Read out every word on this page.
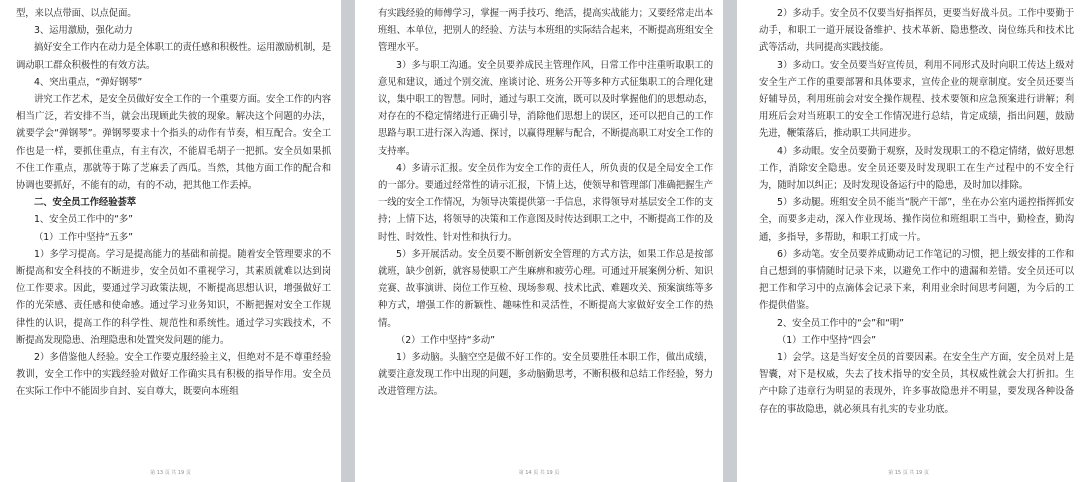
型，来以点带面、以点促面。

3、运用激励，强化动力

搞好安全工作内在动力是全体职工的责任感和积极性。运用激励机制，是调动职工群众积极性的有效方法。

4、突出重点，“弹好钢琴”

讲究工作艺术，是安全员做好安全工作的一个重要方面。安全工作的内容相当广泛，若安排不当，就会出现顾此失彼的现象。解决这个问题的办法，就要学会“弹钢琴”。弹钢琴要求十个指头的动作有节奏，相互配合。安全工作也是一样，要抓住重点，有主有次，不能眉毛胡子一把抓。安全员如果抓不住工作重点，那就等于陈了芝麻丢了西瓜。当然，其他方面工作的配合和协调也要抓好，不能有的动，有的不动，把其他工作丢掉。

二、安全员工作经验荟萃

1、安全员工作中的“多”

（1）工作中坚持“五多”

1）多学习提高。学习是提高能力的基础和前提。随着安全管理要求的不断提高和安全科技的不断进步，安全员如不重视学习，其素质就难以达到岗位工作要求。因此，要通过学习政策法规，不断提高思想认识，增强做好工作的光荣感、责任感和使命感。通过学习业务知识，不断把握对安全工作规律性的认识，提高工作的科学性、规范性和系统性。通过学习实践技术，不断提高发现隐患、治理隐患和处置突发问题的能力。

2）多借鉴他人经验。安全工作要克服经验主义，但绝对不是不尊重经验教训，安全工作中的实践经验对做好工作确实具有积极的指导作用。安全员在实际工作中不能固步自封、妄自尊大，既要向本班组

第 13 页 共 19 页

有实践经验的师傅学习，掌握一两手技巧、绝活，提高实战能力；又要经常走出本班组、本单位，把别人的经验、方法与本班组的实际结合起来，不断提高班组安全管理水平。

3）多与职工沟通。安全员要养成民主管理作风，日常工作中注重听取职工的意见和建议，通过个别交流、座谈讨论、班务公开等多种方式征集职工的合理化建议，集中职工的智慧。同时，通过与职工交流，既可以及时掌握他们的思想动态，对存在的不稳定情绪进行正确引导，消除他们思想上的误区，还可以把自己的工作思路与职工进行深入沟通、探讨，以赢得理解与配合，不断提高职工对安全工作的支持率。

4）多请示汇报。安全员作为安全工作的责任人，所负责的仅是全局安全工作的一部分。要通过经常性的请示汇报，下情上达，使领导和管理部门准确把握生产一线的安全工作情况，为领导决策提供第一手信息，求得领导对基层安全工作的支持；上情下达，将领导的决策和工作意图及时传达到职工之中，不断提高工作的及时性、时效性、针对性和执行力。

5）多开展活动。安全员要不断创新安全管理的方式方法，如果工作总是按部就班，缺少创新，就容易使职工产生麻痹和疲劳心理。可通过开展案例分析、知识竞赛、故事演讲、岗位工作互检、现场参观、技术比武、难题攻关、预案演练等多种方式，增强工作的新颖性、趣味性和灵活性，不断提高大家做好安全工作的热情。

（2）工作中坚持“多动”

1）多动脑。头脑空空是做不好工作的。安全员要胜任本职工作，做出成绩，就要注意发现工作中出现的问题，多动脑勤思考，不断积极和总结工作经验，努力改进管理方法。

第 14 页 共 19 页

2）多动手。安全员不仅要当好指挥员，更要当好战斗员。工作中要勤于动手，和职工一道开展设备维护、技术革新、隐患整改、岗位练兵和技术比武等活动，共同提高实践技能。

3）多动口。安全员要当好宣传员，利用不同形式及时向职工传达上级对安全生产工作的重要部署和具体要求，宣传企业的规章制度。安全员还要当好辅导员，利用班前会对安全操作规程、技术要领和应急预案进行讲解；利用班后会对当班职工的安全工作情况进行总结，肯定成绩，指出问题，鼓励先进，鞭策落后，推动职工共同进步。

4）多动眼。安全员要勤于观察，及时发现职工的不稳定情绪，做好思想工作，消除安全隐患。安全员还要及时发现职工在生产过程中的不安全行为，随时加以纠正；及时发现设备运行中的隐患，及时加以排除。

5）多动腿。班组安全员不能当“脱产干部”，坐在办公室内遥控指挥抓安全，而要多走动，深入作业现场、操作岗位和班组职工当中，勤检查，勤沟通，多指导，多帮助，和职工打成一片。

6）多动笔。安全员要养成勤动记工作笔记的习惯，把上级安排的工作和自己想到的事情随时记录下来，以避免工作中的遗漏和差错。安全员还可以把工作和学习中的点滴体会记录下来，利用业余时间思考问题，为今后的工作提供借鉴。

2、安全员工作中的“会”和“明”

（1）工作中坚持“四会”

1）会学。这是当好安全员的首要因素。在安全生产方面，安全员对上是智囊，对下是权威，失去了技术指导的安全员，其权威性就会大打折扣。生产中除了违章行为明显的表现外，许多事故隐患并不明显，要发现各种设备存在的事故隐患，就必须具有扎实的专业功底。

第 15 页 共 19 页
